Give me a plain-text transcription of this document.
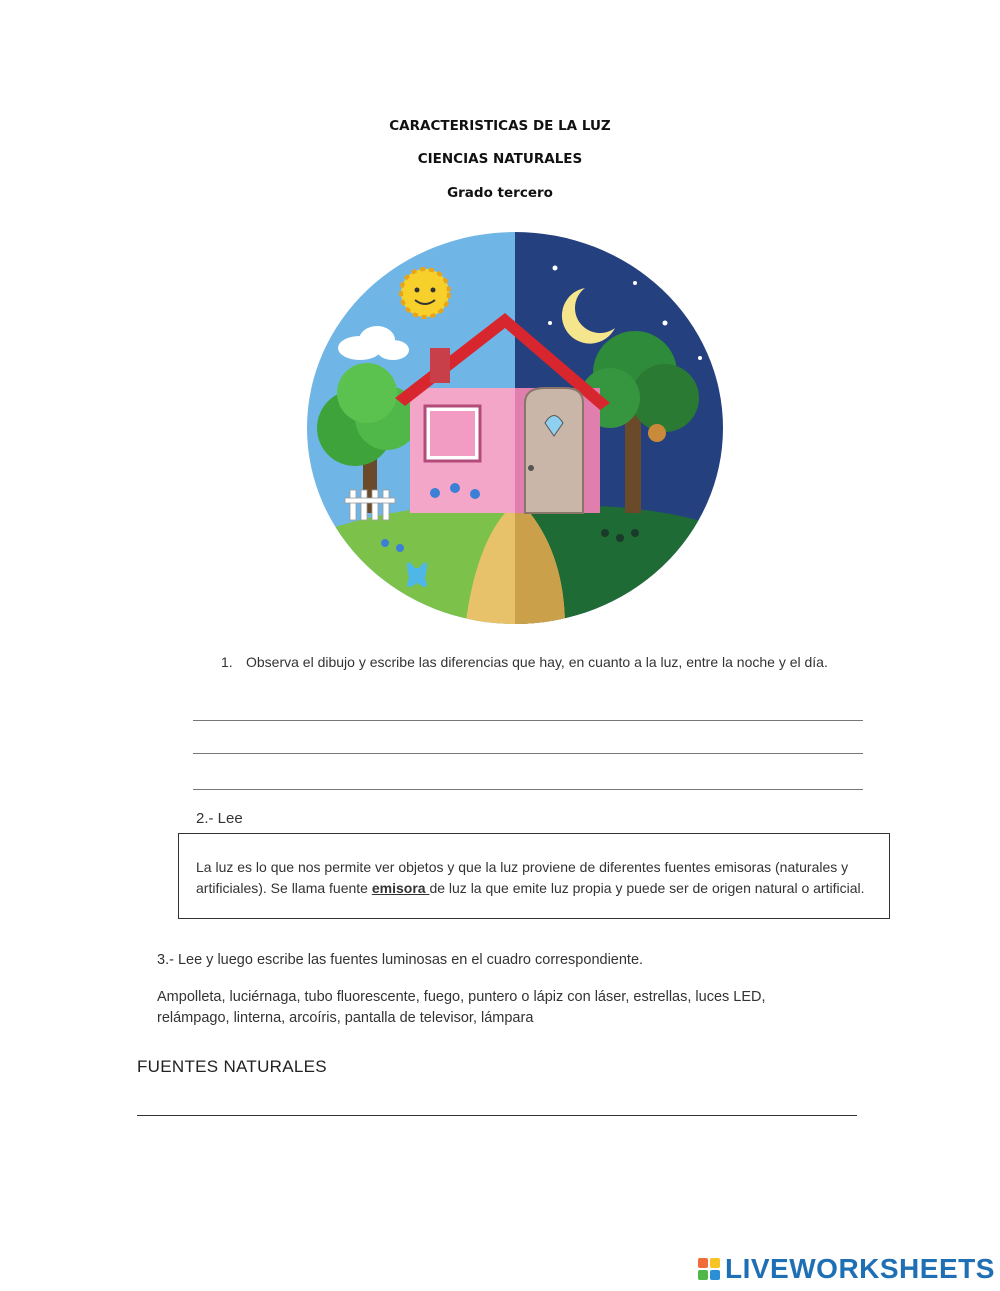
CARACTERISTICAS DE LA LUZ
CIENCIAS NATURALES
Grado tercero
1. Observa el dibujo y escribe las diferencias que hay, en cuanto a la luz, entre la noche y el día.
2.- Lee
La luz es lo que nos permite ver objetos y que la luz proviene de diferentes fuentes emisoras (naturales y artificiales). Se llama fuente emisora de luz la que emite luz propia y puede ser de origen natural o artificial.
3.- Lee y luego escribe las fuentes luminosas en el cuadro correspondiente.
Ampolleta, luciérnaga, tubo fluorescente, fuego, puntero o lápiz con láser, estrellas, luces LED, relámpago, linterna, arcoíris, pantalla de televisor, lámpara
FUENTES NATURALES
LIVEWORKSHEETS
